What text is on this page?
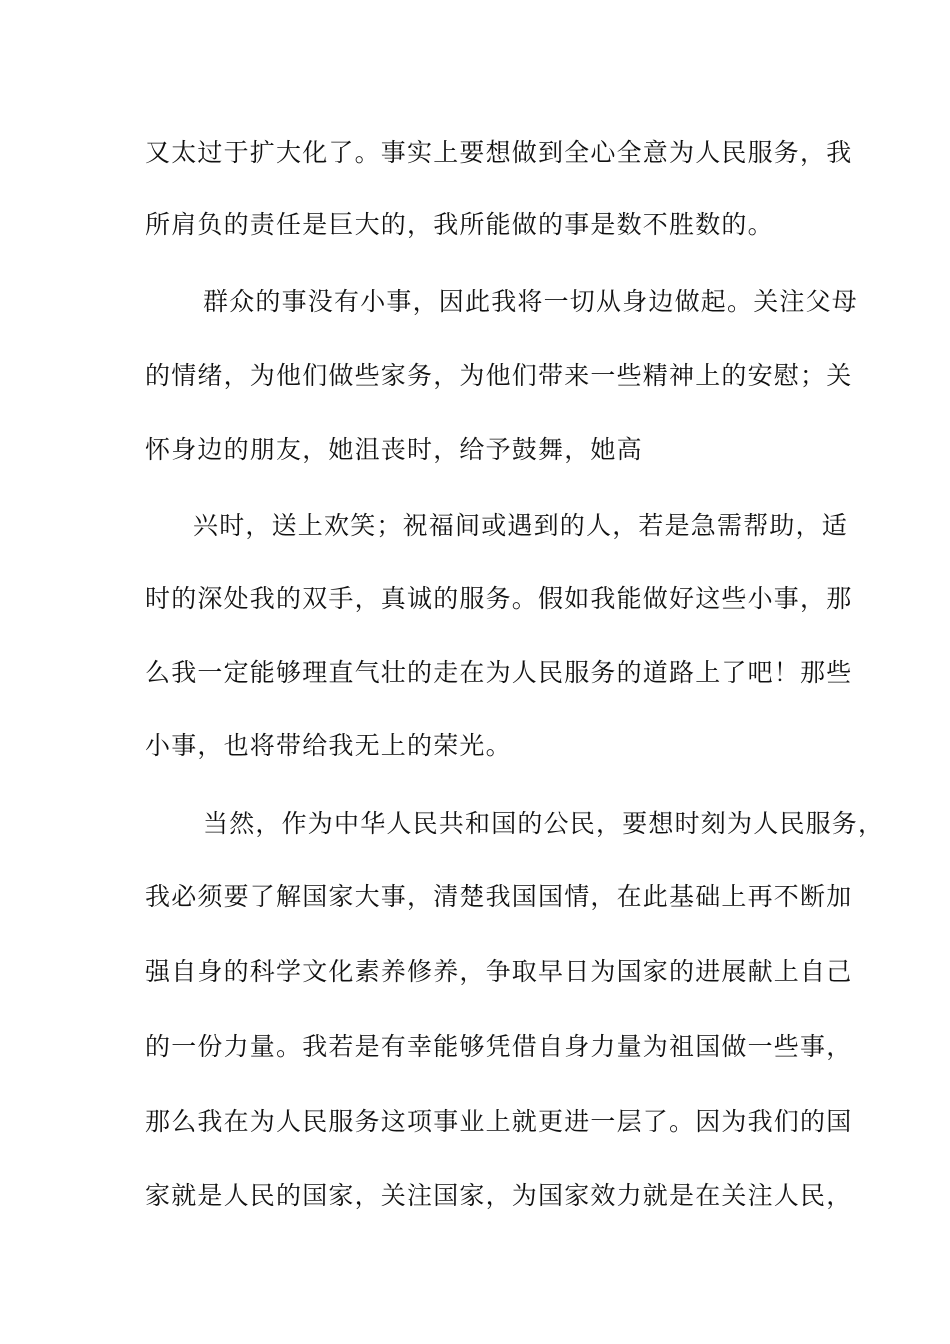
又太过于扩大化了。事实上要想做到全心全意为人民服务，我
所肩负的责任是巨大的，我所能做的事是数不胜数的。
群众的事没有小事，因此我将一切从身边做起。关注父母
的情绪，为他们做些家务，为他们带来一些精神上的安慰；关
怀身边的朋友，她沮丧时，给予鼓舞，她高
兴时，送上欢笑；祝福间或遇到的人，若是急需帮助，适
时的深处我的双手，真诚的服务。假如我能做好这些小事，那
么我一定能够理直气壮的走在为人民服务的道路上了吧！那些
小事，也将带给我无上的荣光。
当然，作为中华人民共和国的公民，要想时刻为人民服务，
我必须要了解国家大事，清楚我国国情，在此基础上再不断加
强自身的科学文化素养修养，争取早日为国家的进展献上自己
的一份力量。我若是有幸能够凭借自身力量为祖国做一些事，
那么我在为人民服务这项事业上就更进一层了。因为我们的国
家就是人民的国家，关注国家，为国家效力就是在关注人民，
